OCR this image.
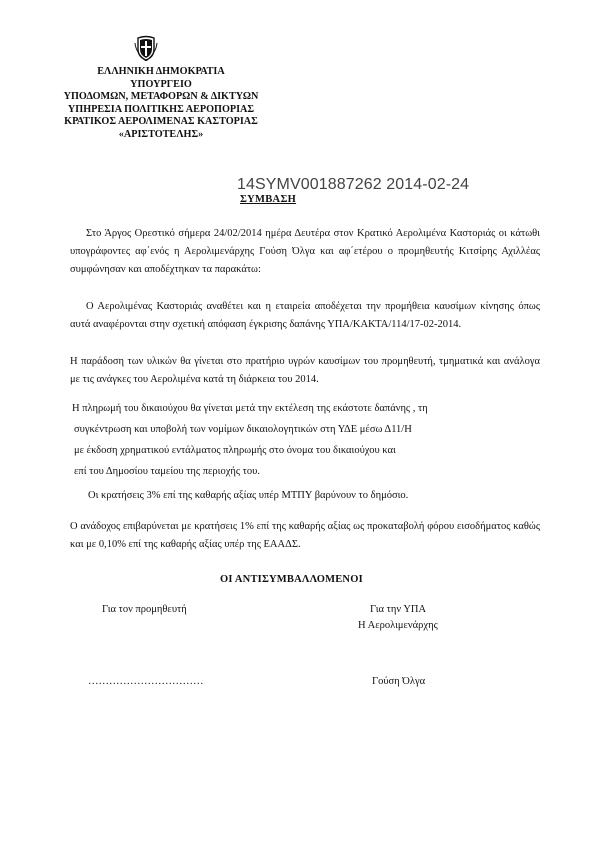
ΕΛΛΗΝΙΚΗ ΔΗΜΟΚΡΑΤΙΑ
ΥΠΟΥΡΓΕΙΟ
ΥΠΟΔΟΜΩΝ, ΜΕΤΑΦΟΡΩΝ & ΔΙΚΤΥΩΝ
ΥΠΗΡΕΣΙΑ ΠΟΛΙΤΙΚΗΣ ΑΕΡΟΠΟΡΙΑΣ
ΚΡΑΤΙΚΟΣ ΑΕΡΟΛΙΜΕΝΑΣ ΚΑΣΤΟΡΙΑΣ
«ΑΡΙΣΤΟΤΕΛΗΣ»
14SYMV001887262 2014-02-24
ΣΥΜΒΑΣΗ
Στο Άργος Ορεστικό σήμερα 24/02/2014 ημέρα Δευτέρα στον Κρατικό Αερολιμένα Καστοριάς οι κάτωθι υπογράφοντες αφ΄ενός η Αερολιμενάρχης Γούση Όλγα και αφ΄ετέρου ο προμηθευτής Κιτσίρης Αχιλλέας συμφώνησαν και αποδέχτηκαν τα παρακάτω:
Ο Αερολιμένας Καστοριάς αναθέτει και η εταιρεία αποδέχεται την προμήθεια καυσίμων κίνησης όπως αυτά αναφέρονται στην σχετική απόφαση έγκρισης δαπάνης ΥΠΑ/ΚΑΚΤΑ/114/17-02-2014.
Η παράδοση των υλικών θα γίνεται στο πρατήριο υγρών καυσίμων του προμηθευτή, τμηματικά και ανάλογα με τις ανάγκες του Αερολιμένα κατά τη διάρκεια του 2014.
Η πληρωμή του δικαιούχου θα γίνεται μετά την εκτέλεση της εκάστοτε δαπάνης , τη
συγκέντρωση και υποβολή των νομίμων δικαιολογητικών στη ΥΔΕ μέσω Δ11/Η
με έκδοση χρηματικού εντάλματος πληρωμής στο όνομα του δικαιούχου και
επί του Δημοσίου ταμείου της περιοχής του.
Οι κρατήσεις 3% επί της καθαρής αξίας υπέρ ΜΤΠΥ βαρύνουν το δημόσιο.
Ο ανάδοχος επιβαρύνεται με κρατήσεις 1% επί της καθαρής αξίας ως προκαταβολή φόρου εισοδήματος καθώς και με 0,10% επί της καθαρής αξίας υπέρ της ΕΑΑΔΣ.
ΟΙ ΑΝΤΙΣΥΜΒΑΛΛΟΜΕΝΟΙ
Για τον προμηθευτή	Για την ΥΠΑ
Η Αερολιμενάρχης
……………………………	Γούση Όλγα
